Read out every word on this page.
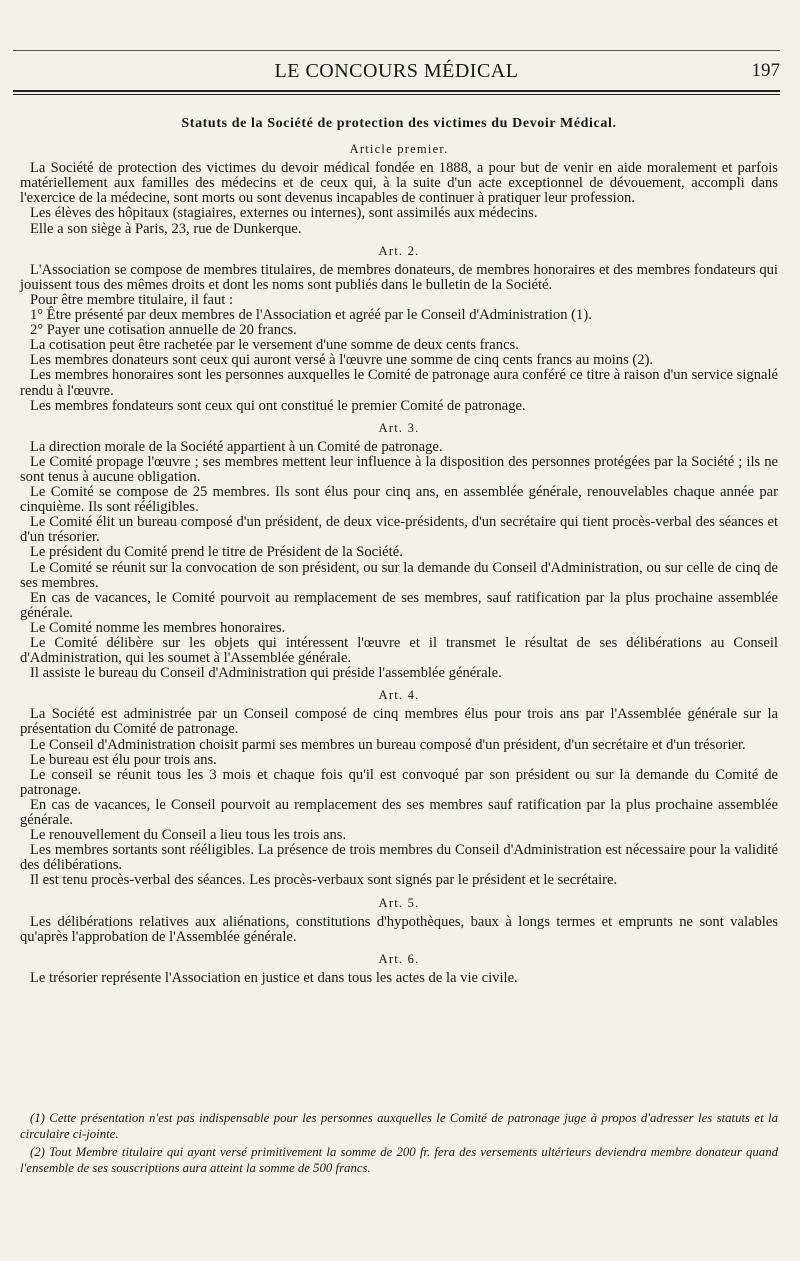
LE CONCOURS MÉDICAL	197
Statuts de la Société de protection des victimes du Devoir Médical.
Article premier.

La Société de protection des victimes du devoir médical fondée en 1888, a pour but de venir en aide moralement et parfois matériellement aux familles des médecins et de ceux qui, à la suite d'un acte exceptionnel de dévouement, accompli dans l'exercice de la médecine, sont morts ou sont devenus incapables de continuer à pratiquer leur profession.

Les élèves des hôpitaux (stagiaires, externes ou internes), sont assimilés aux médecins.

Elle a son siège à Paris, 23, rue de Dunkerque.

Art. 2.

L'Association se compose de membres titulaires, de membres donateurs, de membres honoraires et des membres fondateurs qui jouissent tous des mêmes droits et dont les noms sont publiés dans le bulletin de la Société.

Pour être membre titulaire, il faut :

1° Être présenté par deux membres de l'Association et agréé par le Conseil d'Administration (1).

2° Payer une cotisation annuelle de 20 francs.

La cotisation peut être rachetée par le versement d'une somme de deux cents francs.

Les membres donateurs sont ceux qui auront versé à l'œuvre une somme de cinq cents francs au moins (2).

Les membres honoraires sont les personnes auxquelles le Comité de patronage aura conféré ce titre à raison d'un service signalé rendu à l'œuvre.

Les membres fondateurs sont ceux qui ont constitué le premier Comité de patronage.

Art. 3.

La direction morale de la Société appartient à un Comité de patronage.

Le Comité propage l'œuvre ; ses membres mettent leur influence à la disposition des personnes protégées par la Société ; ils ne sont tenus à aucune obligation.

Le Comité se compose de 25 membres. Ils sont élus pour cinq ans, en assemblée générale, renouvelables chaque année par cinquième. Ils sont rééligibles.

Le Comité élit un bureau composé d'un président, de deux vice-présidents, d'un secrétaire qui tient procès-verbal des séances et d'un trésorier.

Le président du Comité prend le titre de Président de la Société.

Le Comité se réunit sur la convocation de son président, ou sur la demande du Conseil d'Administration, ou sur celle de cinq de ses membres.

En cas de vacances, le Comité pourvoit au remplacement de ses membres, sauf ratification par la plus prochaine assemblée générale.

Le Comité nomme les membres honoraires.

Le Comité délibère sur les objets qui intéressent l'œuvre et il transmet le résultat de ses délibérations au Conseil d'Administration, qui les soumet à l'Assemblée générale.

Il assiste le bureau du Conseil d'Administration qui préside l'assemblée générale.

Art. 4.

La Société est administrée par un Conseil composé de cinq membres élus pour trois ans par l'Assemblée générale sur la présentation du Comité de patronage.

Le Conseil d'Administration choisit parmi ses membres un bureau composé d'un président, d'un secrétaire et d'un trésorier.

Le bureau est élu pour trois ans.

Le conseil se réunit tous les 3 mois et chaque fois qu'il est convoqué par son président ou sur la demande du Comité de patronage.

En cas de vacances, le Conseil pourvoit au remplacement des ses membres sauf ratification par la plus prochaine assemblée générale.

Le renouvellement du Conseil a lieu tous les trois ans.

Les membres sortants sont rééligibles. La présence de trois membres du Conseil d'Administration est nécessaire pour la validité des délibérations.

Il est tenu procès-verbal des séances. Les procès-verbaux sont signés par le président et le secrétaire.

Art. 5.

Les délibérations relatives aux aliénations, constitutions d'hypothèques, baux à longs termes et emprunts ne sont valables qu'après l'approbation de l'Assemblée générale.

Art. 6.

Le trésorier représente l'Association en justice et dans tous les actes de la vie civile.

(1) Cette présentation n'est pas indispensable pour les personnes auxquelles le Comité de patronage juge à propos d'adresser les statuts et la circulaire ci-jointe.

(2) Tout Membre titulaire qui ayant versé primitivement la somme de 200 fr. fera des versements ultérieurs deviendra membre donateur quand l'ensemble de ses souscriptions aura atteint la somme de 500 francs.
